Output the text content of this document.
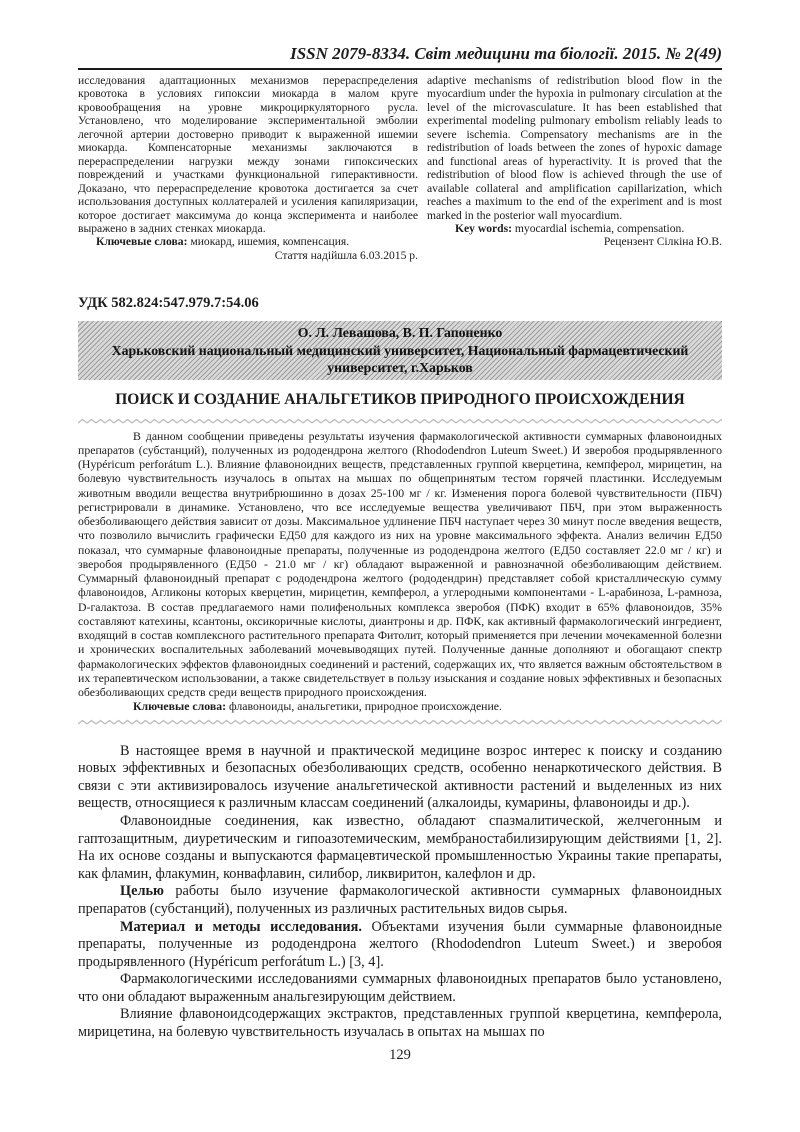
ISSN 2079-8334. Світ медицини та біології. 2015. № 2(49)
исследования адаптационных механизмов перераспределения кровотока в условиях гипоксии миокарда в малом круге кровообращения на уровне микроциркуляторного русла. Установлено, что моделирование экспериментальной эмболии легочной артерии достоверно приводит к выраженной ишемии миокарда. Компенсаторные механизмы заключаются в перераспределении нагрузки между зонами гипоксических повреждений и участками функциональной гиперактивности. Доказано, что перераспределение кровотока достигается за счет использования доступных коллатералей и усиления капиляризации, которое достигает максимума до конца эксперимента и наиболее выражено в задних стенках миокарда.
Ключевые слова: миокард, ишемия, компенсация.
Стаття надійшла 6.03.2015 р.
adaptive mechanisms of redistribution blood flow in the myocardium under the hypoxia in pulmonary circulation at the level of the microvasculature. It has been established that experimental modeling pulmonary embolism reliably leads to severe ischemia. Compensatory mechanisms are in the redistribution of loads between the zones of hypoxic damage and functional areas of hyperactivity. It is proved that the redistribution of blood flow is achieved through the use of available collateral and amplification capillarization, which reaches a maximum to the end of the experiment and is most marked in the posterior wall myocardium.
Key words: myocardial ischemia, compensation.
Рецензент Сілкіна Ю.В.
УДК 582.824:547.979.7:54.06
О. Л. Левашова, В. П. Гапоненко
Харьковский национальный медицинский университет, Национальный фармацевтический университет, г.Харьков
ПОИСК И СОЗДАНИЕ АНАЛЬГЕТИКОВ ПРИРОДНОГО ПРОИСХОЖДЕНИЯ

В данном сообщении приведены результаты изучения фармакологической активности суммарных флавоноидных препаратов (субстанций), полученных из рододендрона желтого (Rhododendron Luteum Sweet.) И зверобоя продырявленного (Hypéricum perforátum L.). Влияние флавоноидних веществ, представленных группой кверцетина, кемпферол, мирицетин, на болевую чувствительность изучалось в опытах на мышах по общепринятым тестом горячей пластинки. Исследуемым животным вводили вещества внутрибрюшинно в дозах 25-100 мг / кг. Изменения порога болевой чувствительности (ПБЧ) регистрировали в динамике. Установлено, что все исследуемые вещества увеличивают ПБЧ, при этом выраженность обезболивающего действия зависит от дозы. Максимальное удлинение ПБЧ наступает через 30 минут после введения веществ, что позволило вычислить графически ЕД50 для каждого из них на уровне максимального эффекта. Анализ величин ЕД50 показал, что суммарные флавоноидные препараты, полученные из рододендрона желтого (ЕД50 составляет 22.0 мг / кг) и зверобоя продырявленного (ЕД50 - 21.0 мг / кг) обладают выраженной и равнозначной обезболивающим действием. Суммарный флавоноидный препарат с рододендрона желтого (рододендрин) представляет собой кристаллическую сумму флавоноидов, Агликоны которых кверцетин, мирицетин, кемпферол, а углеродными компонентами - L-арабиноза, L-рамноза, D-галактоза. В состав предлагаемого нами полифенольных комплекса зверобоя (ПФК) входит в 65% флавоноидов, 35% составляют катехины, ксантоны, оксикоричные кислоты, диантроны и др. ПФК, как активный фармакологический ингредиент, входящий в состав комплексного растительного препарата Фитолит, который применяется при лечении мочекаменной болезни и хронических воспалительных заболеваний мочевыводящих путей. Полученные данные дополняют и обогащают спектр фармакологических эффектов флавоноидных соединений и растений, содержащих их, что является важным обстоятельством в их терапевтическом использовании, а также свидетельствует в пользу изыскания и создание новых эффективных и безопасных обезболивающих средств среди веществ природного происхождения.

Ключевые слова: флавоноиды, анальгетики, природное происхождение.

В настоящее время в научной и практической медицине возрос интерес к поиску и созданию новых эффективных и безопасных обезболивающих средств, особенно ненаркотического действия. В связи с эти активизировалось изучение анальгетической активности растений и выделенных из них веществ, относящиеся к различным классам соединений (алкалоиды, кумарины, флавоноиды и др.).

Флавоноидные соединения, как известно, обладают спазмалитической, желчегонным и гаптозащитным, диуретическим и гипоазотемическим, мембраностабилизирующим действиями [1, 2]. На их основе созданы и выпускаются фармацевтической промышленностью Украины такие препараты, как фламин, флакумин, конвафлавин, силибор, ликвиритон, калефлон и др.

Целью работы было изучение фармакологической активности суммарных флавоноидных препаратов (субстанций), полученных из различных растительных видов сырья.

Материал и методы исследования. Объектами изучения были суммарные флавоноидные препараты, полученные из рододендрона желтого (Rhododendron Luteum Sweet.) и зверобоя продырявленного (Hypéricum perforátum L.) [3, 4].

Фармакологическими исследованиями суммарных флавоноидных препаратов было установлено, что они обладают выраженным анальгезирующим действием.

Влияние флавоноидсодержащих экстрактов, представленных группой кверцетина, кемпферола, мирицетина, на болевую чувствительность изучалась в опытах на мышах по

129
